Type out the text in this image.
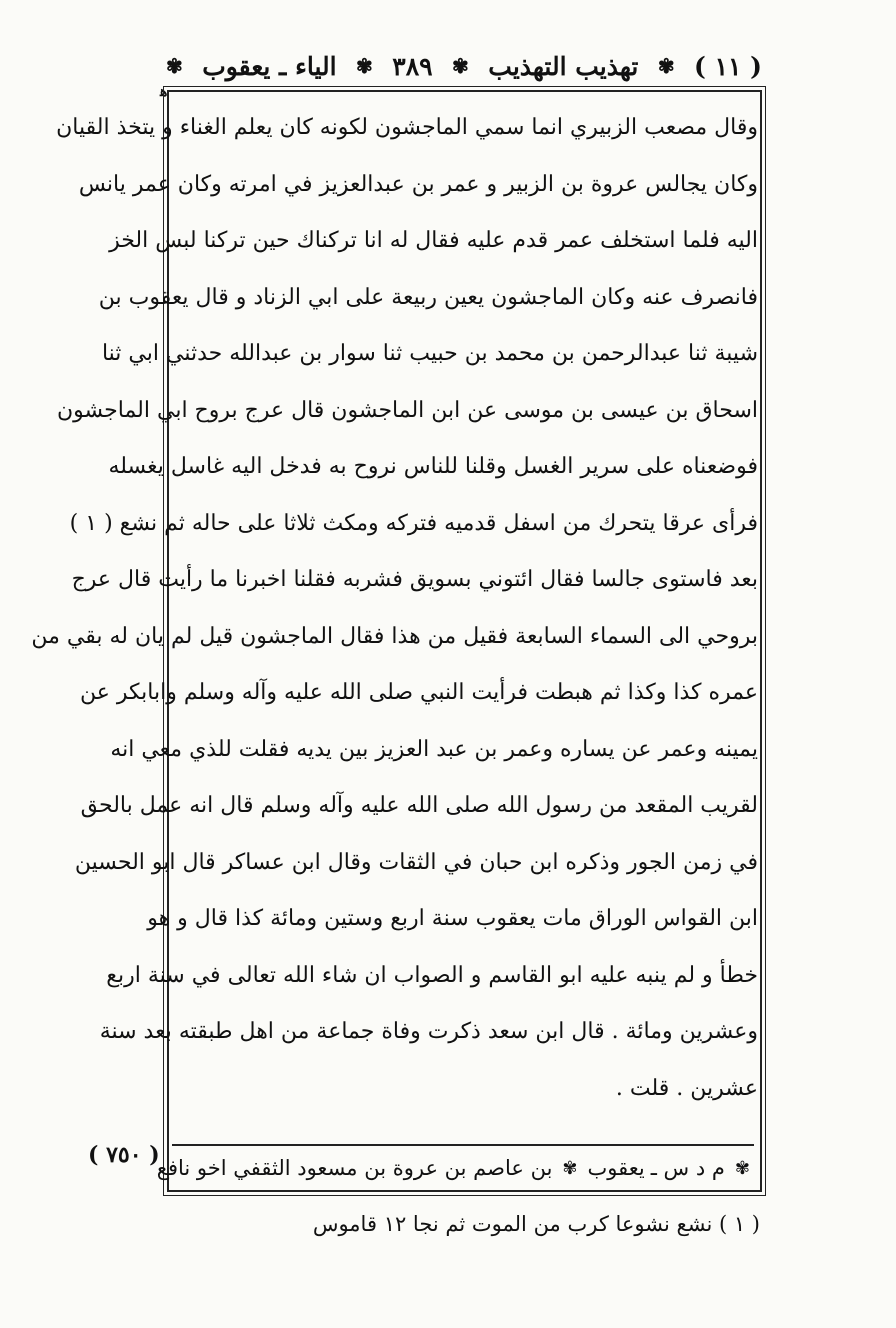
( ١١ )
✾
تهذيب التهذيب
✾
٣٨٩
✾
الياء ـ يعقوب
✾
ﻫ
وقال مصعب الزبيري انما سمي الماجشون لكونه كان يعلم الغناء و يتخذ القيان
وكان يجالس عروة بن الزبير و عمر بن عبدالعزيز في امرته وكان عمر يانس
اليه فلما استخلف عمر قدم عليه فقال له انا تركناك حين تركنا لبس الخز
فانصرف عنه وكان الماجشون يعين ربيعة على ابي الزناد و قال يعقوب بن
شيبة ثنا عبدالرحمن بن محمد بن حبيب ثنا سوار بن عبدالله حدثني ابي ثنا
اسحاق بن عيسى بن موسى عن ابن الماجشون قال عرج بروح ابي الماجشون
فوضعناه على سرير الغسل وقلنا للناس نروح به فدخل اليه غاسل يغسله
فرأى عرقا يتحرك من اسفل قدميه فتركه ومكث ثلاثا على حاله ثم نشع ( ١ )
بعد فاستوى جالسا فقال ائتوني بسويق فشربه فقلنا اخبرنا ما رأيت قال عرج
بروحي الى السماء السابعة فقيل من هذا فقال الماجشون قيل لم يان له بقي من
عمره كذا وكذا ثم هبطت فرأيت النبي صلى الله عليه وآله وسلم وابابكر عن
يمينه وعمر عن يساره وعمر بن عبد العزيز بين يديه فقلت للذي معي انه
لقريب المقعد من رسول الله صلى الله عليه وآله وسلم قال انه عمل بالحق
في زمن الجور وذكره ابن حبان في الثقات وقال ابن عساكر قال ابو الحسين
ابن القواس الوراق مات يعقوب سنة اربع وستين ومائة كذا قال و هو
خطأ و لم ينبه عليه ابو القاسم و الصواب ان شاء الله تعالى في سنة اربع
وعشرين ومائة . قال ابن سعد ذكرت وفاة جماعة من اهل طبقته بعد سنة
عشرين . قلت .
✾
م د س ـ
يعقوب
✾
بن عاصم بن عروة بن مسعود الثقفي اخو نافع
( ٧٥٠ )
( ١ ) نشع نشوعا كرب من الموت ثم نجا ١٢ قاموس
